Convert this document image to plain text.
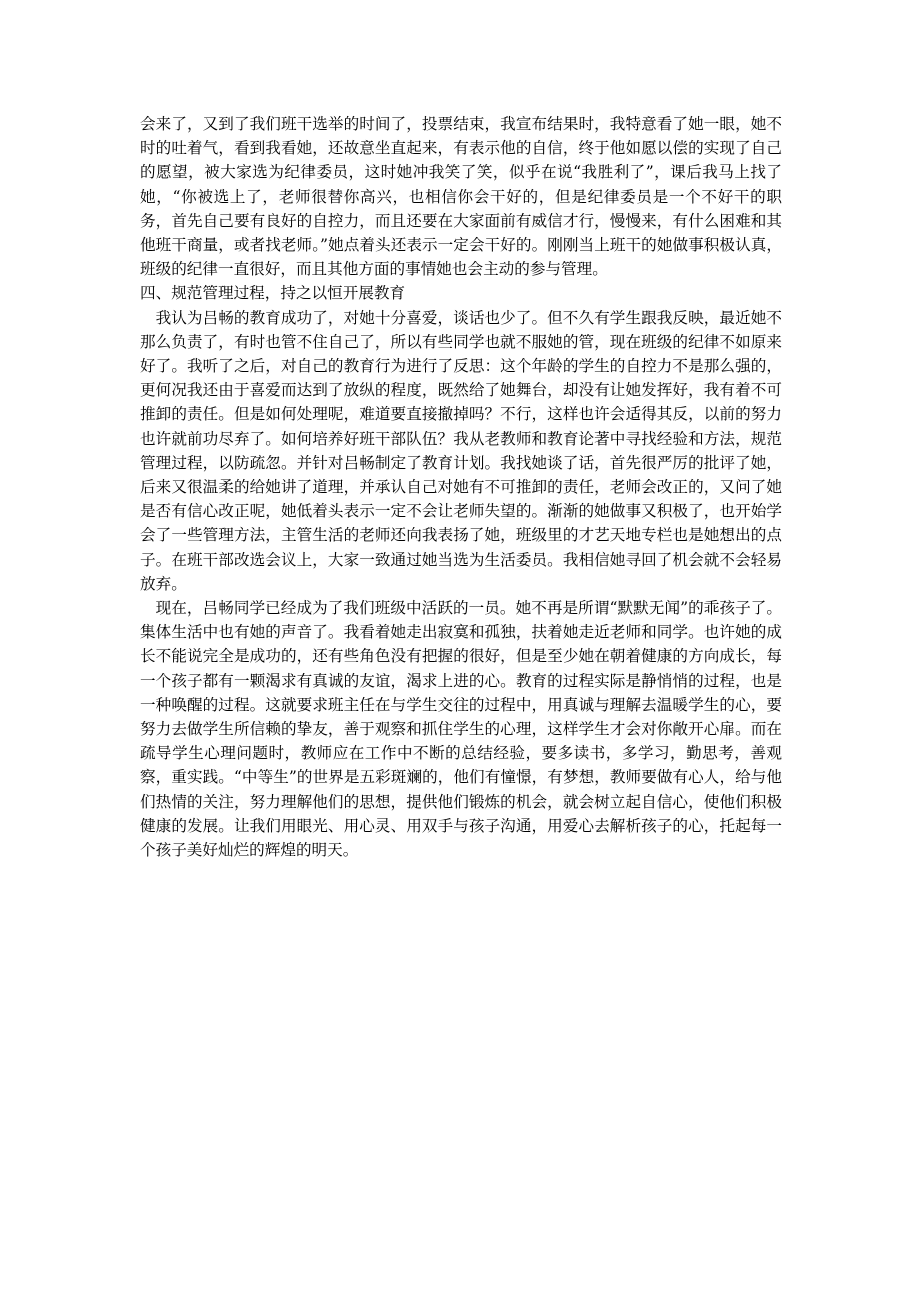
会来了，又到了我们班干选举的时间了，投票结束，我宣布结果时，我特意看了她一眼，她不时的吐着气，看到我看她，还故意坐直起来，有表示他的自信，终于他如愿以偿的实现了自己的愿望，被大家选为纪律委员，这时她冲我笑了笑，似乎在说“我胜利了”，课后我马上找了她，“你被选上了，老师很替你高兴，也相信你会干好的，但是纪律委员是一个不好干的职务，首先自己要有良好的自控力，而且还要在大家面前有威信才行，慢慢来，有什么困难和其他班干商量，或者找老师。”她点着头还表示一定会干好的。刚刚当上班干的她做事积极认真，班级的纪律一直很好，而且其他方面的事情她也会主动的参与管理。

四、规范管理过程，持之以恒开展教育

我认为吕畅的教育成功了，对她十分喜爱，谈话也少了。但不久有学生跟我反映，最近她不那么负责了，有时也管不住自己了，所以有些同学也就不服她的管，现在班级的纪律不如原来好了。我听了之后，对自己的教育行为进行了反思：这个年龄的学生的自控力不是那么强的，更何况我还由于喜爱而达到了放纵的程度，既然给了她舞台，却没有让她发挥好，我有着不可推卸的责任。但是如何处理呢，难道要直接撤掉吗？不行，这样也许会适得其反，以前的努力也许就前功尽弃了。如何培养好班干部队伍？我从老教师和教育论著中寻找经验和方法，规范管理过程，以防疏忽。并针对吕畅制定了教育计划。我找她谈了话，首先很严厉的批评了她，后来又很温柔的给她讲了道理，并承认自己对她有不可推卸的责任，老师会改正的，又问了她是否有信心改正呢，她低着头表示一定不会让老师失望的。渐渐的她做事又积极了，也开始学会了一些管理方法，主管生活的老师还向我表扬了她，班级里的才艺天地专栏也是她想出的点子。在班干部改选会议上，大家一致通过她当选为生活委员。我相信她寻回了机会就不会轻易放弃。

现在，吕畅同学已经成为了我们班级中活跃的一员。她不再是所谓“默默无闻”的乖孩子了。集体生活中也有她的声音了。我看着她走出寂寞和孤独，扶着她走近老师和同学。也许她的成长不能说完全是成功的，还有些角色没有把握的很好，但是至少她在朝着健康的方向成长，每一个孩子都有一颗渴求有真诚的友谊，渴求上进的心。教育的过程实际是静悄悄的过程，也是一种唤醒的过程。这就要求班主任在与学生交往的过程中，用真诚与理解去温暖学生的心，要努力去做学生所信赖的挚友，善于观察和抓住学生的心理，这样学生才会对你敞开心扉。而在疏导学生心理问题时，教师应在工作中不断的总结经验，要多读书，多学习，勤思考，善观察，重实践。“中等生”的世界是五彩斑斓的，他们有憧憬，有梦想，教师要做有心人，给与他们热情的关注，努力理解他们的思想，提供他们锻炼的机会，就会树立起自信心，使他们积极健康的发展。让我们用眼光、用心灵、用双手与孩子沟通，用爱心去解析孩子的心，托起每一个孩子美好灿烂的辉煌的明天。
